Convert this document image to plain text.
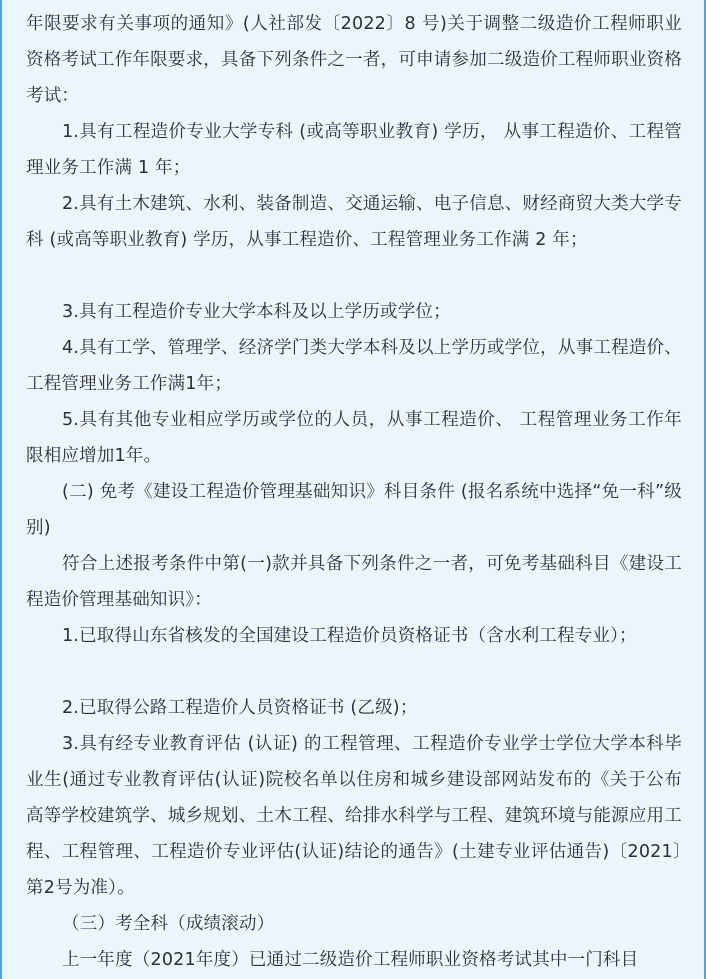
年限要求有关事项的通知》(人社部发〔2022〕8 号)关于调整二级造价工程师职业资格考试工作年限要求，具备下列条件之一者，可申请参加二级造价工程师职业资格考试：

1.具有工程造价专业大学专科 (或高等职业教育) 学历， 从事工程造价、工程管理业务工作满 1 年；

2.具有土木建筑、水利、装备制造、交通运输、电子信息、财经商贸大类大学专科 (或高等职业教育) 学历，从事工程造价、工程管理业务工作满 2 年；

3.具有工程造价专业大学本科及以上学历或学位；

4.具有工学、管理学、经济学门类大学本科及以上学历或学位，从事工程造价、工程管理业务工作满1年；

5.具有其他专业相应学历或学位的人员，从事工程造价、 工程管理业务工作年限相应增加1年。

(二) 免考《建设工程造价管理基础知识》科目条件 (报名系统中选择“免一科”级别)

符合上述报考条件中第(一)款并具备下列条件之一者，可免考基础科目《建设工程造价管理基础知识》：

1.已取得山东省核发的全国建设工程造价员资格证书（含水利工程专业）；

2.已取得公路工程造价人员资格证书 (乙级)；

3.具有经专业教育评估 (认证) 的工程管理、工程造价专业学士学位大学本科毕业生(通过专业教育评估(认证)院校名单以住房和城乡建设部网站发布的《关于公布高等学校建筑学、城乡规划、土木工程、给排水科学与工程、建筑环境与能源应用工程、工程管理、工程造价专业评估(认证)结论的通告》(土建专业评估通告)〔2021〕第2号为准）。

（三）考全科（成绩滚动）

上一年度（2021年度）已通过二级造价工程师职业资格考试其中一门科目
